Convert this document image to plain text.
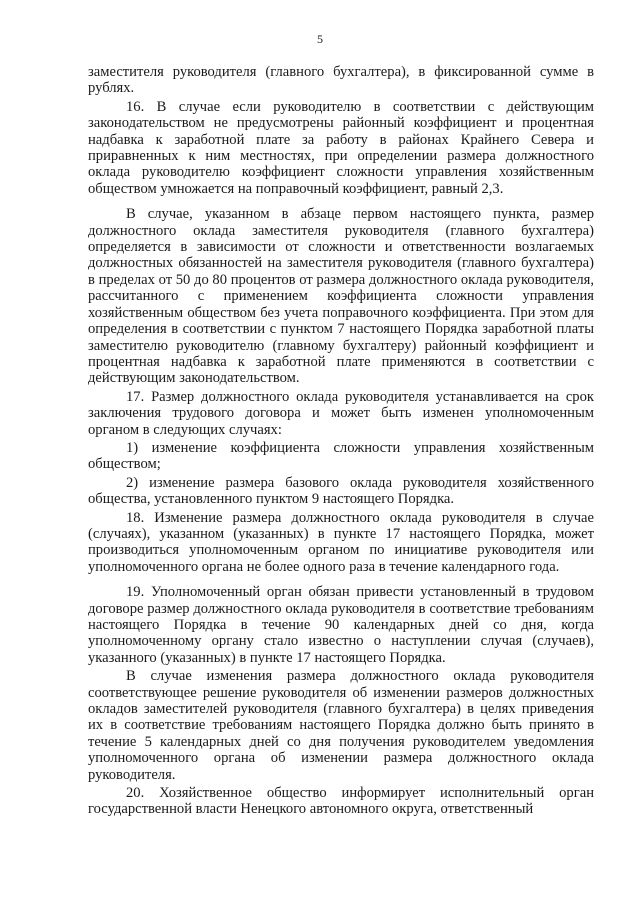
5

заместителя руководителя (главного бухгалтера), в фиксированной сумме в рублях.

16. В случае если руководителю в соответствии с действующим законодательством не предусмотрены районный коэффициент и процентная надбавка к заработной плате за работу в районах Крайнего Севера и приравненных к ним местностях, при определении размера должностного оклада руководителю коэффициент сложности управления хозяйственным обществом умножается на поправочный коэффициент, равный 2,3.

В случае, указанном в абзаце первом настоящего пункта, размер должностного оклада заместителя руководителя (главного бухгалтера) определяется в зависимости от сложности и ответственности возлагаемых должностных обязанностей на заместителя руководителя (главного бухгалтера) в пределах от 50 до 80 процентов от размера должностного оклада руководителя, рассчитанного с применением коэффициента сложности управления хозяйственным обществом без учета поправочного коэффициента. При этом для определения в соответствии с пунктом 7 настоящего Порядка заработной платы заместителю руководителю (главному бухгалтеру) районный коэффициент и процентная надбавка к заработной плате применяются в соответствии с действующим законодательством.

17. Размер должностного оклада руководителя устанавливается на срок заключения трудового договора и может быть изменен уполномоченным органом в следующих случаях:

1) изменение коэффициента сложности управления хозяйственным обществом;

2) изменение размера базового оклада руководителя хозяйственного общества, установленного пунктом 9 настоящего Порядка.

18. Изменение размера должностного оклада руководителя в случае (случаях), указанном (указанных) в пункте 17 настоящего Порядка, может производиться уполномоченным органом по инициативе руководителя или уполномоченного органа не более одного раза в течение календарного года.

19. Уполномоченный орган обязан привести установленный в трудовом договоре размер должностного оклада руководителя в соответствие требованиям настоящего Порядка в течение 90 календарных дней со дня, когда уполномоченному органу стало известно о наступлении случая (случаев), указанного (указанных) в пункте 17 настоящего Порядка.

В случае изменения размера должностного оклада руководителя соответствующее решение руководителя об изменении размеров должностных окладов заместителей руководителя (главного бухгалтера) в целях приведения их в соответствие требованиям настоящего Порядка должно быть принято в течение 5 календарных дней со дня получения руководителем уведомления уполномоченного органа об изменении размера должностного оклада руководителя.

20. Хозяйственное общество информирует исполнительный орган государственной власти Ненецкого автономного округа, ответственный
